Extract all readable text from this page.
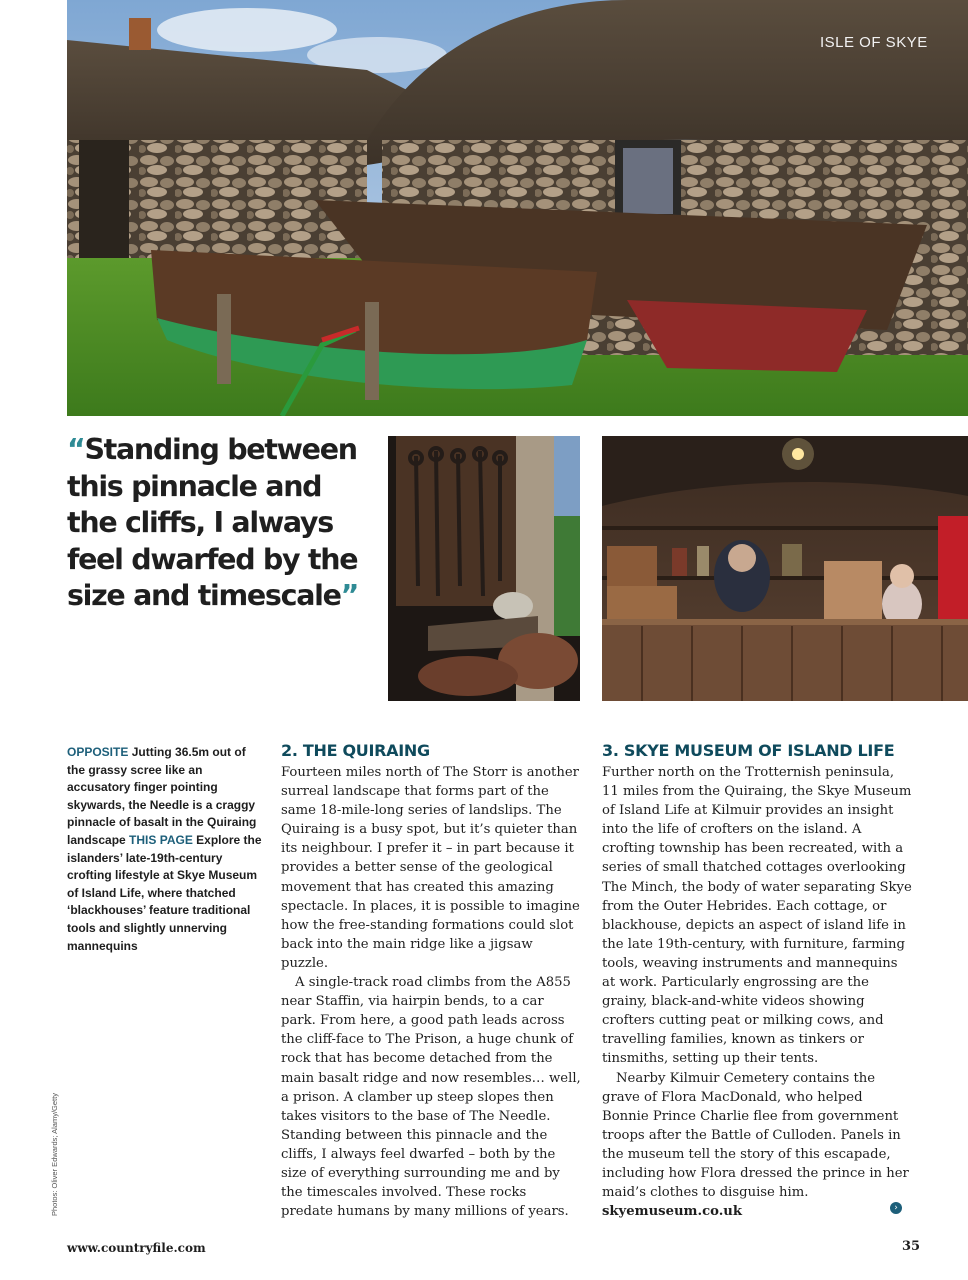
ISLE OF SKYE
“Standing between this pinnacle and the cliffs, I always feel dwarfed by the size and timescale”
OPPOSITE Jutting 36.5m out of the grassy scree like an accusatory finger pointing skywards, the Needle is a craggy pinnacle of basalt in the Quiraing landscape THIS PAGE Explore the islanders’ late-19th-century crofting lifestyle at Skye Museum of Island Life, where thatched ‘blackhouses’ feature traditional tools and slightly unnerving mannequins
2. THE QUIRAING

Fourteen miles north of The Storr is another surreal landscape that forms part of the same 18-mile-long series of landslips. The Quiraing is a busy spot, but it’s quieter than its neighbour. I prefer it – in part because it provides a better sense of the geological movement that has created this amazing spectacle. In places, it is possible to imagine how the free-standing formations could slot back into the main ridge like a jigsaw puzzle.

A single-track road climbs from the A855 near Staffin, via hairpin bends, to a car park. From here, a good path leads across the cliff-face to The Prison, a huge chunk of rock that has become detached from the main basalt ridge and now resembles… well, a prison. A clamber up steep slopes then takes visitors to the base of The Needle. Standing between this pinnacle and the cliffs, I always feel dwarfed – both by the size of everything surrounding me and by the timescales involved. These rocks predate humans by many millions of years.

3. SKYE MUSEUM OF ISLAND LIFE

Further north on the Trotternish peninsula, 11 miles from the Quiraing, the Skye Museum of Island Life at Kilmuir provides an insight into the life of crofters on the island. A crofting township has been recreated, with a series of small thatched cottages overlooking The Minch, the body of water separating Skye from the Outer Hebrides. Each cottage, or blackhouse, depicts an aspect of island life in the late 19th-century, with furniture, farming tools, weaving instruments and mannequins at work. Particularly engrossing are the grainy, black-and-white videos showing crofters cutting peat or milking cows, and travelling families, known as tinkers or tinsmiths, setting up their tents.

Nearby Kilmuir Cemetery contains the grave of Flora MacDonald, who helped Bonnie Prince Charlie flee from government troops after the Battle of Culloden. Panels in the museum tell the story of this escapade, including how Flora dressed the prince in her maid’s clothes to disguise him.

skyemuseum.co.uk	›
Photos: Oliver Edwards; Alamy/Getty
www.countryfile.com	35
